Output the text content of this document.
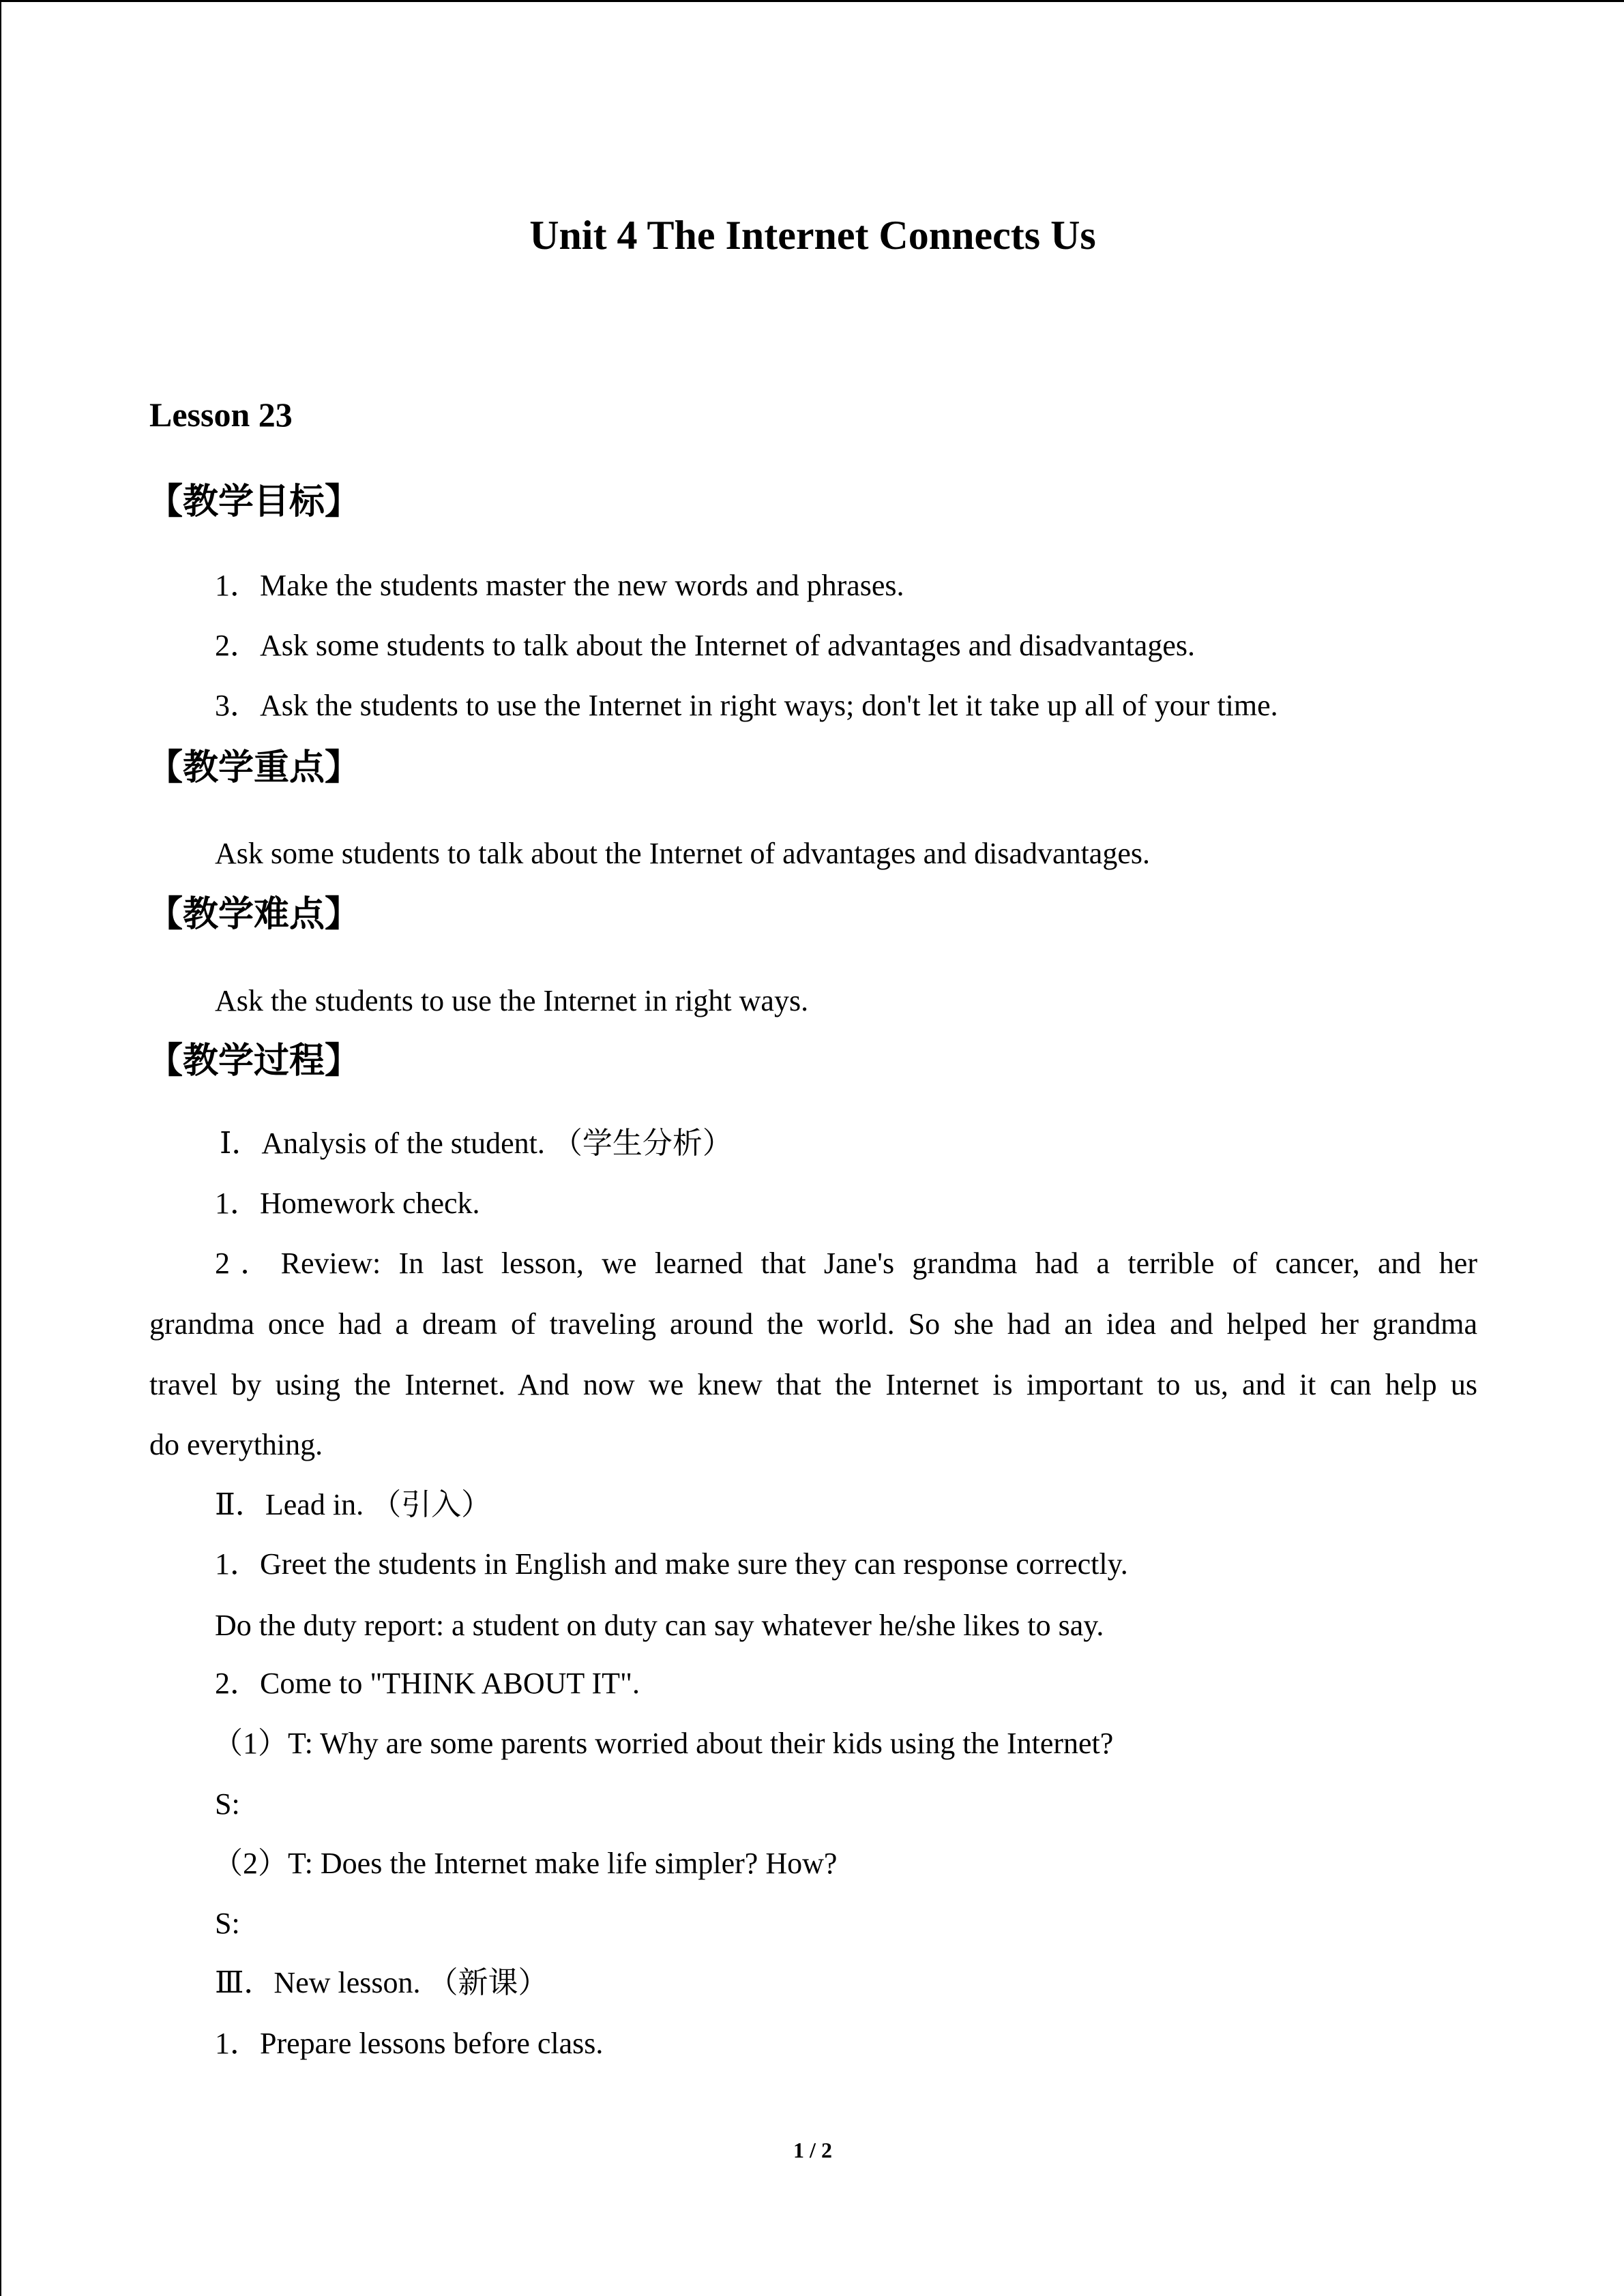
Unit 4 The Internet Connects Us
Lesson 23
【教学目标】
1．Make the students master the new words and phrases.
2．Ask some students to talk about the Internet of advantages and disadvantages.
3．Ask the students to use the Internet in right ways; don't let it take up all of your time.
【教学重点】
Ask some students to talk about the Internet of advantages and disadvantages.
【教学难点】
Ask the students to use the Internet in right ways.
【教学过程】
Ⅰ．Analysis of the student. （学生分析）
1．Homework check.
2．Review: In last lesson, we learned that Jane's grandma had a terrible of cancer, and her
grandma once had a dream of traveling around the world. So she had an idea and helped her grandma
travel by using the Internet. And now we knew that the Internet is important to us, and it can help us
do everything.
Ⅱ．Lead in. （引入）
1．Greet the students in English and make sure they can response correctly.
Do the duty report: a student on duty can say whatever he/she likes to say.
2．Come to "THINK ABOUT IT".
（1）T: Why are some parents worried about their kids using the Internet?
S:
（2）T: Does the Internet make life simpler? How?
S:
Ⅲ．New lesson. （新课）
1．Prepare lessons before class.
1 / 2
